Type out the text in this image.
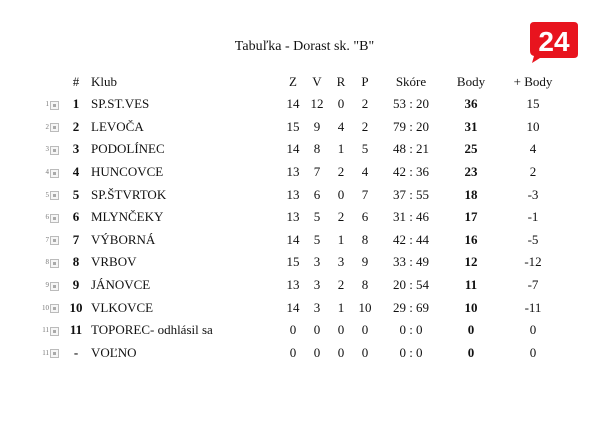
24
Tabuľka - Dorast sk. "B"
		#	Klub	Z	V	R	P	Skóre	Body	+ Body
1		1	SP.ST.VES	14	12	0	2	53 : 20	36	15
2		2	LEVOČA	15	9	4	2	79 : 20	31	10
3		3	PODOLÍNEC	14	8	1	5	48 : 21	25	4
4		4	HUNCOVCE	13	7	2	4	42 : 36	23	2
5		5	SP.ŠTVRTOK	13	6	0	7	37 : 55	18	-3
6		6	MLYNČEKY	13	5	2	6	31 : 46	17	-1
7		7	VÝBORNÁ	14	5	1	8	42 : 44	16	-5
8		8	VRBOV	15	3	3	9	33 : 49	12	-12
9		9	JÁNOVCE	13	3	2	8	20 : 54	11	-7
10		10	VLKOVCE	14	3	1	10	29 : 69	10	-11
11		11	TOPOREC- odhlásil sa	0	0	0	0	0 : 0	0	0
11		-	VOĽNO	0	0	0	0	0 : 0	0	0
